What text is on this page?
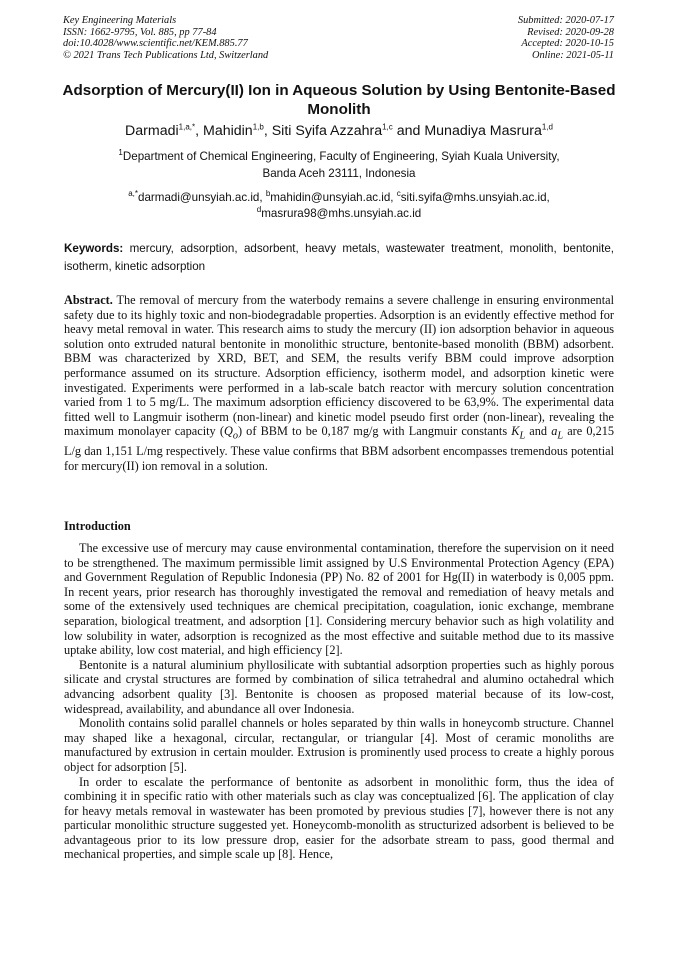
Key Engineering Materials
ISSN: 1662-9795, Vol. 885, pp 77-84
doi:10.4028/www.scientific.net/KEM.885.77
© 2021 Trans Tech Publications Ltd, Switzerland
Submitted: 2020-07-17
Revised: 2020-09-28
Accepted: 2020-10-15
Online: 2021-05-11
Adsorption of Mercury(II) Ion in Aqueous Solution by Using Bentonite-Based Monolith
Darmadi$^{1,a,*}$, Mahidin$^{1,b}$, Siti Syifa Azzahra$^{1,c}$ and Munadiya Masrura$^{1,d}$
$^1$Department of Chemical Engineering, Faculty of Engineering, Syiah Kuala University,
Banda Aceh 23111, Indonesia
$^{a,*}$darmadi@unsyiah.ac.id, $^b$mahidin@unsyiah.ac.id, $^c$siti.syifa@mhs.unsyiah.ac.id,
$^d$masrura98@mhs.unsyiah.ac.id
Keywords: mercury, adsorption, adsorbent, heavy metals, wastewater treatment, monolith, bentonite, isotherm, kinetic adsorption
Abstract. The removal of mercury from the waterbody remains a severe challenge in ensuring environmental safety due to its highly toxic and non-biodegradable properties. Adsorption is an evidently effective method for heavy metal removal in water. This research aims to study the mercury (II) ion adsorption behavior in aqueous solution onto extruded natural bentonite in monolithic structure, bentonite-based monolith (BBM) adsorbent. BBM was characterized by XRD, BET, and SEM, the results verify BBM could improve adsorption performance assumed on its structure. Adsorption efficiency, isotherm model, and adsorption kinetic were investigated. Experiments were performed in a lab-scale batch reactor with mercury solution concentration varied from 1 to 5 mg/L. The maximum adsorption efficiency discovered to be 63,9%. The experimental data fitted well to Langmuir isotherm (non-linear) and kinetic model pseudo first order (non-linear), revealing the maximum monolayer capacity $(Q_o)$ of BBM to be 0,187 mg/g with Langmuir constants $K_L$ and $a_L$ are 0,215 L/g dan 1,151 L/mg respectively. These value confirms that BBM adsorbent encompasses tremendous potential for mercury(II) ion removal in a solution.
Introduction

The excessive use of mercury may cause environmental contamination, therefore the supervision on it need to be strengthened. The maximum permissible limit assigned by U.S Environmental Protection Agency (EPA) and Government Regulation of Republic Indonesia (PP) No. 82 of 2001 for Hg(II) in waterbody is 0,005 ppm. In recent years, prior research has thoroughly investigated the removal and remediation of heavy metals and some of the extensively used techniques are chemical precipitation, coagulation, ionic exchange, membrane separation, biological treatment, and adsorption [1]. Considering mercury behavior such as high volatility and low solubility in water, adsorption is recognized as the most effective and suitable method due to its massive uptake ability, low cost material, and high efficiency [2].

Bentonite is a natural aluminium phyllosilicate with subtantial adsorption properties such as highly porous silicate and crystal structures are formed by combination of silica tetrahedral and alumino octahedral which advancing adsorbent quality [3]. Bentonite is choosen as proposed material because of its low-cost, widespread, availability, and abundance all over Indonesia.

Monolith contains solid parallel channels or holes separated by thin walls in honeycomb structure. Channel may shaped like a hexagonal, circular, rectangular, or triangular [4]. Most of ceramic monoliths are manufactured by extrusion in certain moulder. Extrusion is prominently used process to create a highly porous object for adsorption [5].

In order to escalate the performance of bentonite as adsorbent in monolithic form, thus the idea of combining it in specific ratio with other materials such as clay was conceptualized [6]. The application of clay for heavy metals removal in wastewater has been promoted by previous studies [7], however there is not any particular monolithic structure suggested yet. Honeycomb-monolith as structurized adsorbent is believed to be advantageous prior to its low pressure drop, easier for the adsorbate stream to pass, good thermal and mechanical properties, and simple scale up [8]. Hence,
